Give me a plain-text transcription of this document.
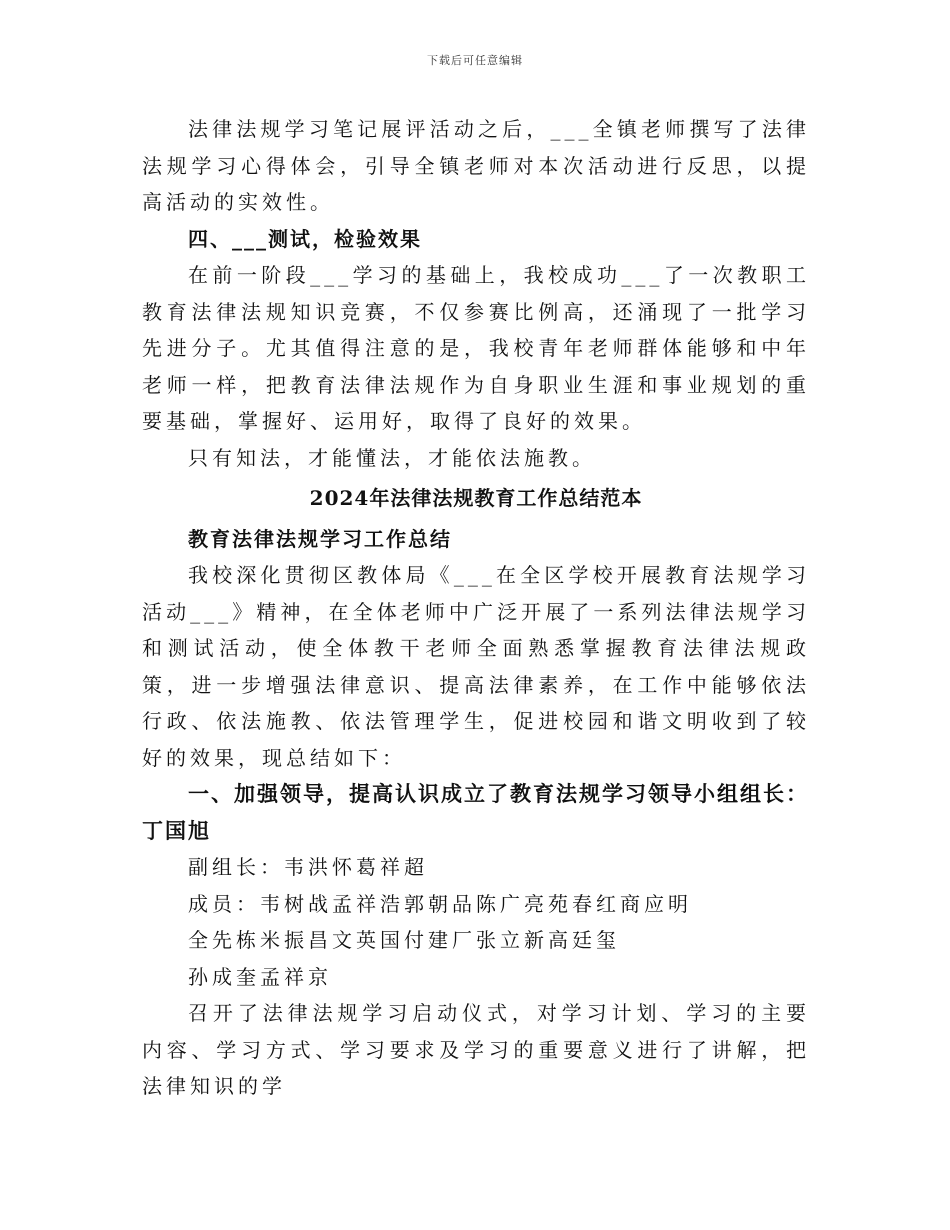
下载后可任意编辑

法律法规学习笔记展评活动之后，___全镇老师撰写了法律法规学习心得体会，引导全镇老师对本次活动进行反思，以提高活动的实效性。

四、___测试，检验效果

在前一阶段___学习的基础上，我校成功___了一次教职工教育法律法规知识竞赛，不仅参赛比例高，还涌现了一批学习先进分子。尤其值得注意的是，我校青年老师群体能够和中年老师一样，把教育法律法规作为自身职业生涯和事业规划的重要基础，掌握好、运用好，取得了良好的效果。

只有知法，才能懂法，才能依法施教。

2024年法律法规教育工作总结范本

教育法律法规学习工作总结

我校深化贯彻区教体局《___在全区学校开展教育法规学习活动___》精神，在全体老师中广泛开展了一系列法律法规学习和测试活动，使全体教干老师全面熟悉掌握教育法律法规政策，进一步增强法律意识、提高法律素养，在工作中能够依法行政、依法施教、依法管理学生，促进校园和谐文明收到了较好的效果，现总结如下：

一、加强领导，提高认识成立了教育法规学习领导小组组长：丁国旭

副组长：韦洪怀葛祥超

成员：韦树战孟祥浩郭朝品陈广亮苑春红商应明

全先栋米振昌文英国付建厂张立新高廷玺

孙成奎孟祥京

召开了法律法规学习启动仪式，对学习计划、学习的主要内容、学习方式、学习要求及学习的重要意义进行了讲解，把法律知识的学
